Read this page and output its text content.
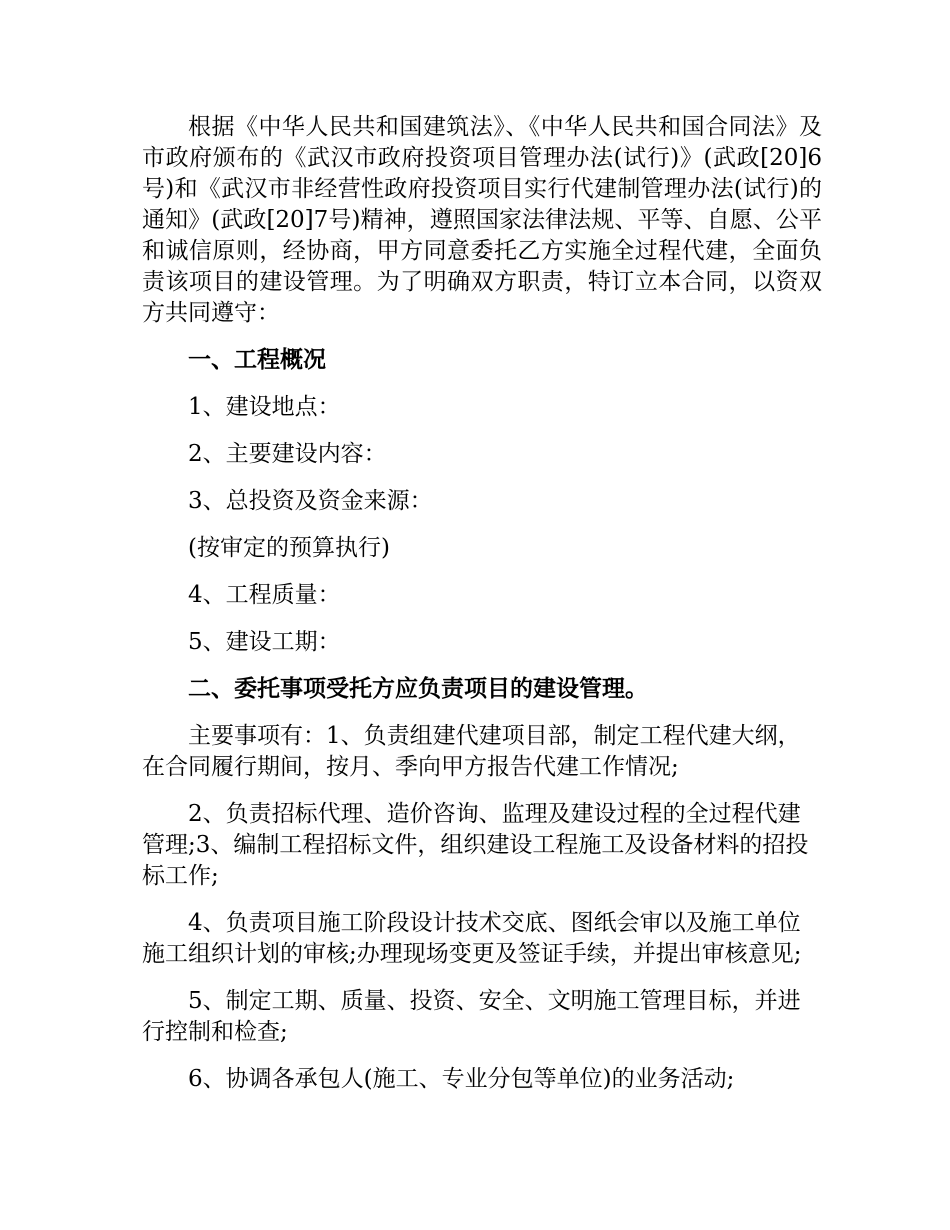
根据《中华人民共和国建筑法》、《中华人民共和国合同法》及市政府颁布的《武汉市政府投资项目管理办法(试行)》(武政[20]6号)和《武汉市非经营性政府投资项目实行代建制管理办法(试行)的通知》(武政[20]7号)精神，遵照国家法律法规、平等、自愿、公平和诚信原则，经协商，甲方同意委托乙方实施全过程代建，全面负责该项目的建设管理。为了明确双方职责，特订立本合同，以资双方共同遵守：

一、工程概况

1、建设地点：

2、主要建设内容：

3、总投资及资金来源：

(按审定的预算执行)

4、工程质量：

5、建设工期：

二、委托事项受托方应负责项目的建设管理。

主要事项有：1、负责组建代建项目部，制定工程代建大纲，在合同履行期间，按月、季向甲方报告代建工作情况;

2、负责招标代理、造价咨询、监理及建设过程的全过程代建管理;3、编制工程招标文件，组织建设工程施工及设备材料的招投标工作;

4、负责项目施工阶段设计技术交底、图纸会审以及施工单位施工组织计划的审核;办理现场变更及签证手续，并提出审核意见;

5、制定工期、质量、投资、安全、文明施工管理目标，并进行控制和检查;

6、协调各承包人(施工、专业分包等单位)的业务活动;
